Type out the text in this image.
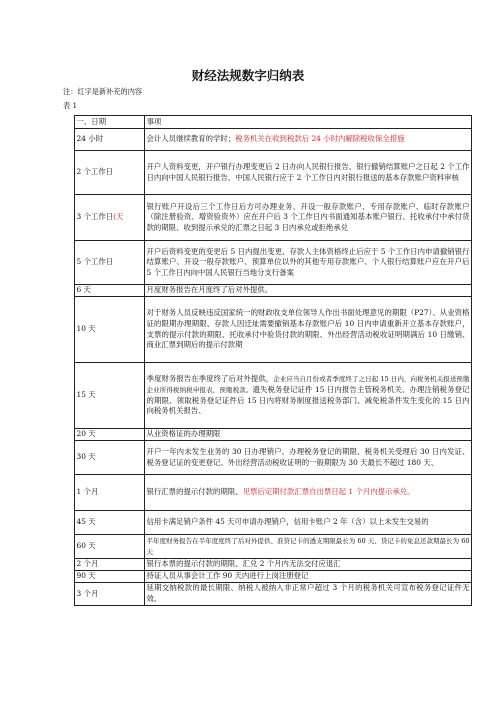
财经法规数字归纳表
注：红字是新补充的内容
表 1
一、日期	事项
24 小时	会计人员继续教育的学时；税务机关在收到税款后 24 小时内解除税收保全措施
2 个工作日	开户人资料变更，开户银行办理变更后 2 日办向人民银行报告、银行撤销结算账户之日起 2 个工作日内向中国人民银行报告、中国人民银行应于 2 个工作日内对银行报送的基本存款账户资料审核
3 个工作日(天	银行账户开设后三个工作日后方可办理业务、开设一般存款账户、专用存款账户、临时存款账户（除注册验资、增资验资外）应在开户后 3 个工作日内书面通知基本账户银行、托收承付中承付货款的期限、收到提示承兑的汇票之日起 3 日内承兑或拒绝承兑
5 个工作日	开户后资料变更的变更后 5 日内提出变更、存款人主体资格终止后应于 5 个工作日内申请撤销银行结算账户、开设一般存款账户、预算单位以外的其他专用存款账户、个人银行结算账户应在开户后 5 个工作日内向中国人民银行当地分支行备案
6 天	月度财务报告在月度终了后对外提供。
10 天	对于财务人员反映违反国家统一的财政收支单位领导人作出书面处理意见的期限（P27）、从业资格证的限期办理期限、存款人因迁址需要撤销基本存款账户后 10 日内申请重新开立基本存款账户，支票的提示付款的期限、托收承付中验货付款的期限、外出经营活动税收证明期满后 10 日缴销、商业汇票到期后的提示付款期
15 天	季度财务报告在季度终了后对外提供，企业应当自月份或者季度终了之日起 15 日内，向税务机关报送预缴企业所得税纳税申报表，预缴税款。遗失税务登记证件 15 日内报告主管税务机关、办理注销税务登记的期限、领取税务登记证件后 15 日内将财务制度报送税务部门、减免税条件发生变化的 15 日内向税务机关报告、
20 天	从业资格证的办理期限
30 天	开户一年内未发生业务的 30 日办理销户、办理税务登记的期限、税务机关受理后 30 日内发证、税务登记证的变更登记、外出经营活动税收证明的一般期限为 30 天最长不超过 180 天、
1 个月	银行汇票的提示付款的期限、见票后定期付款汇票自出票日起 1 个月内提示承兑。
45 天	信用卡满足销户条件 45 天可申请办理销户，信用卡账户 2 年（含）以上未发生交易的
60 天	半年度财务报告在半年度度终了后对外提供、准贷记卡的透支期限最长为 60 天、贷记卡的免息还款期最长为 60 天
2 个月	银行本票的提示付款的期限、汇兑 2 个月内无法交付应退汇
90 天	持证人员从事会计工作 90 天内进行上岗注册登记
3 个月	延期交纳税款的最长期限、纳税人被纳入非正常户超过 3 个月的税务机关可宣布税务登记证件无效、
